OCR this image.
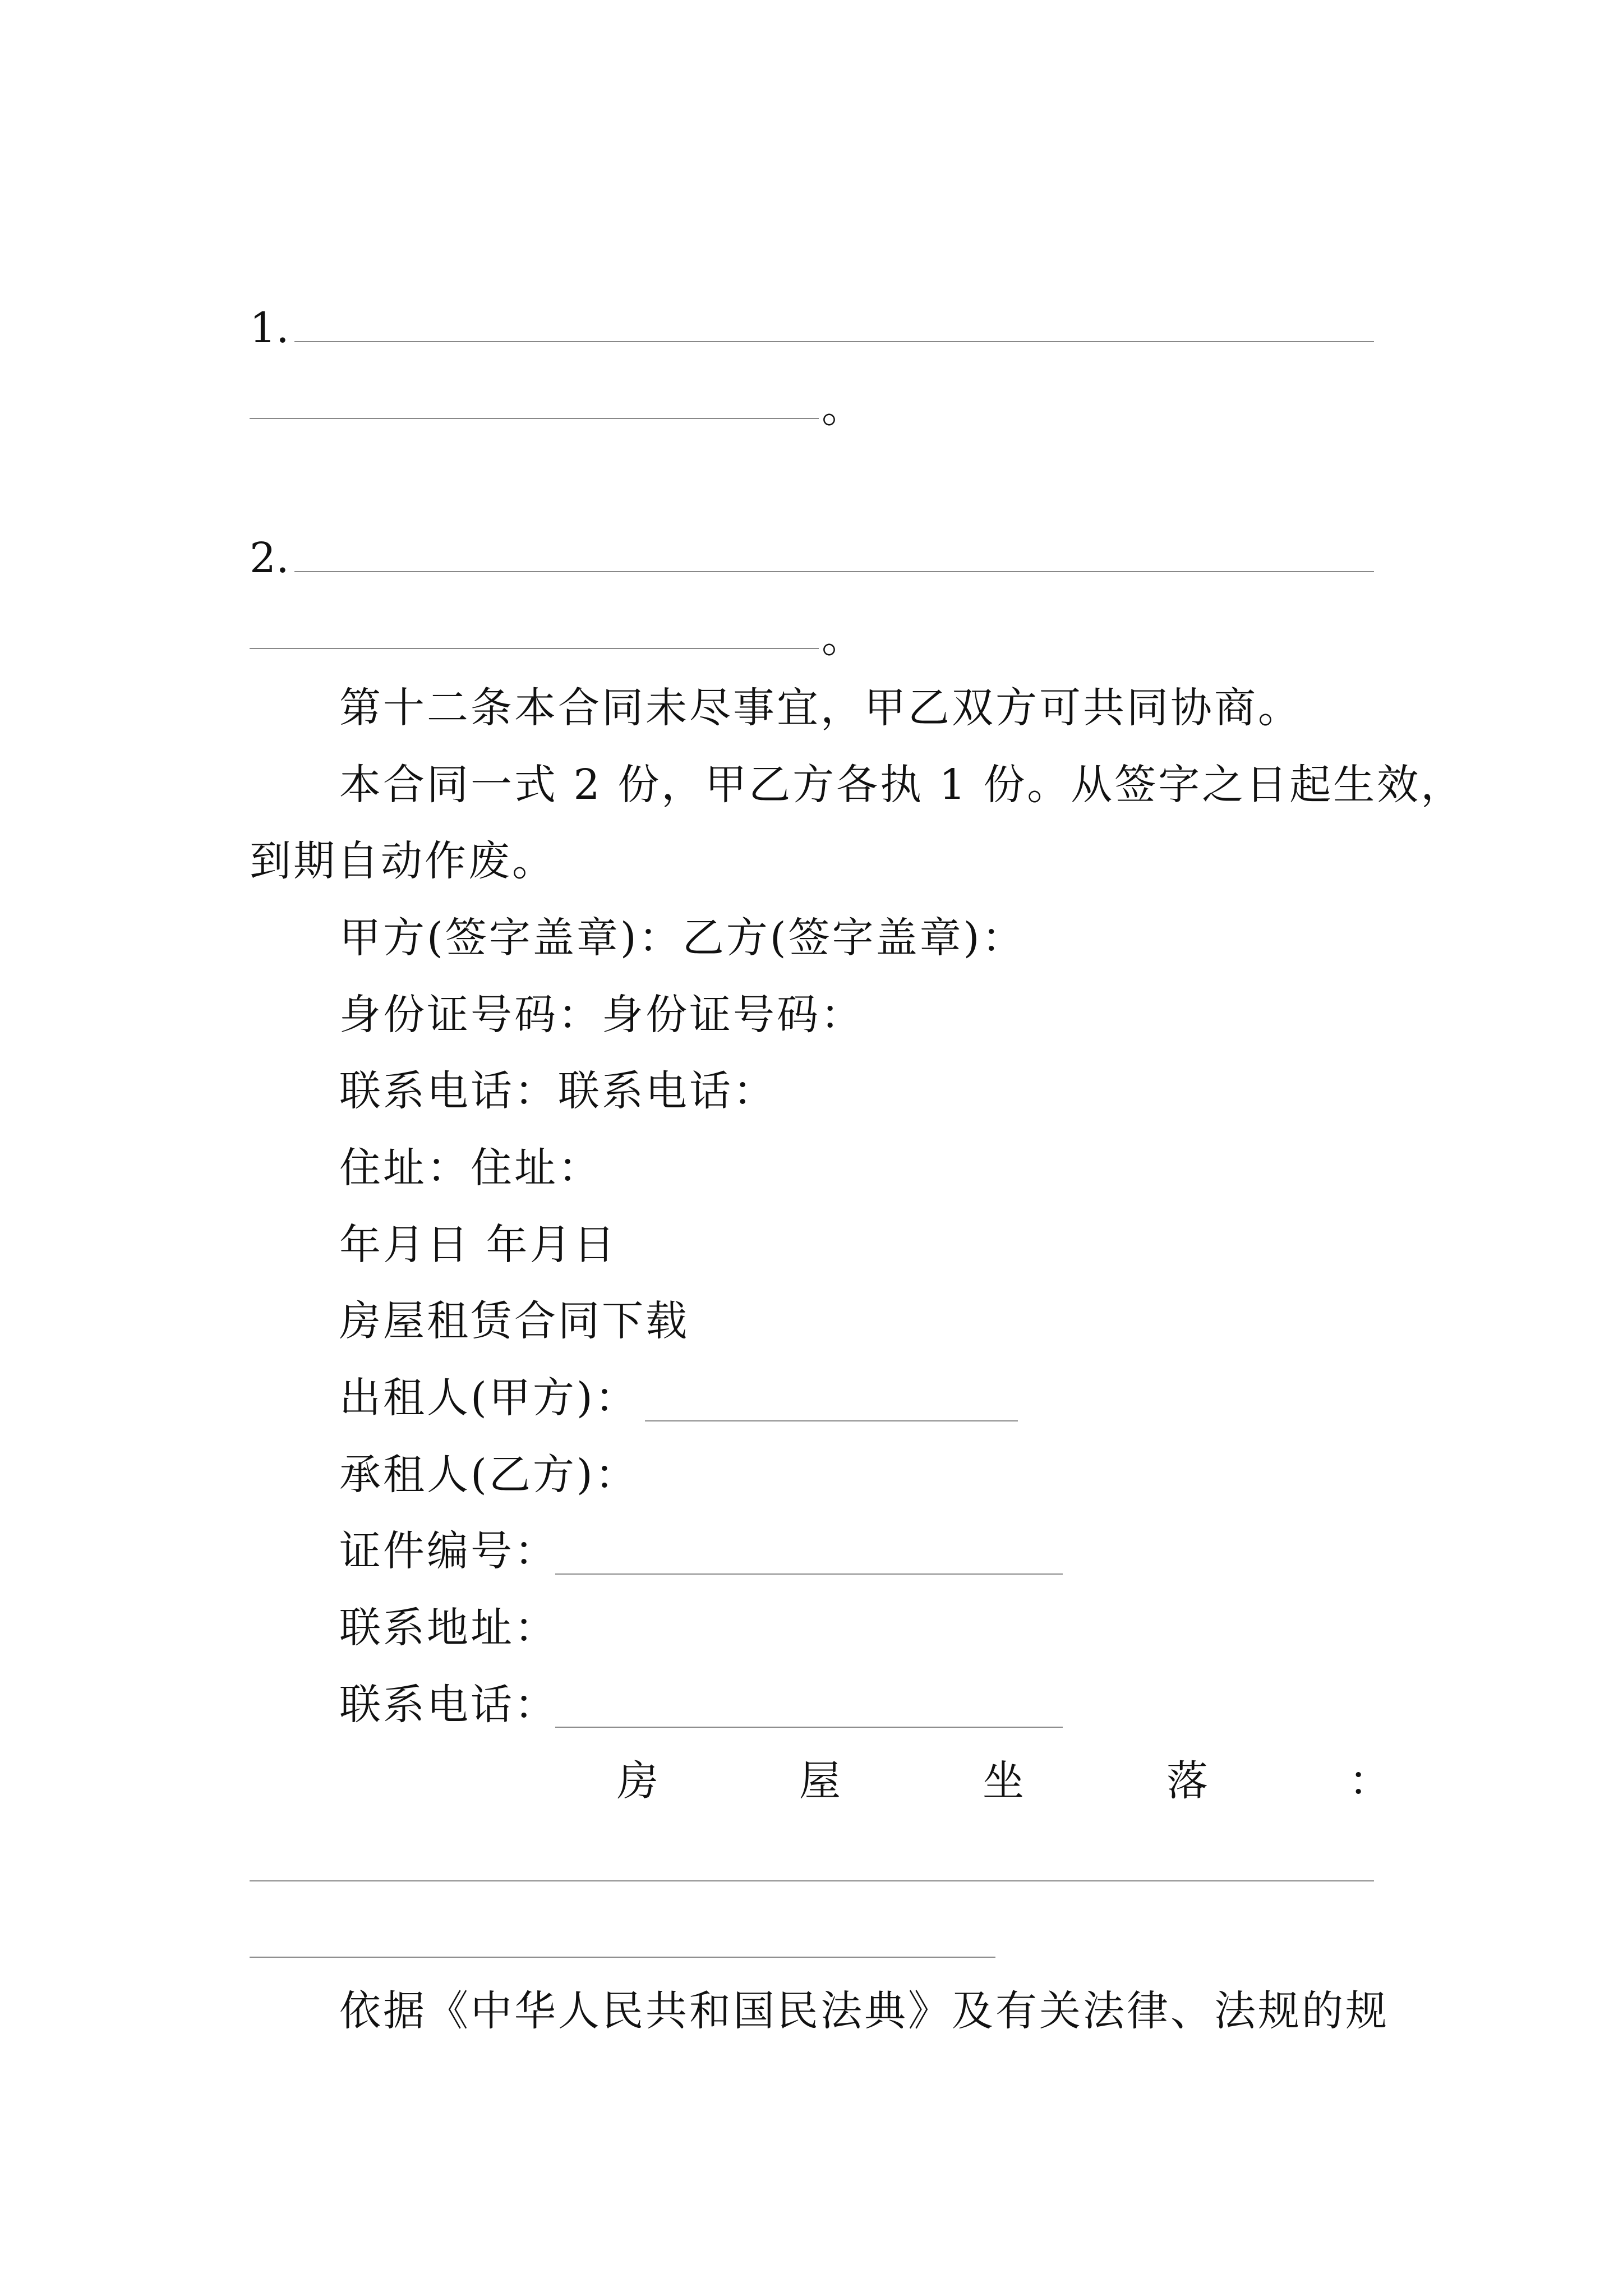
1.
。
2.
。
第十二条本合同未尽事宜，甲乙双方可共同协商。
本合同一式 2 份，甲乙方各执 1 份。从签字之日起生效，
到期自动作废。
甲方(签字盖章)：乙方(签字盖章)：
身份证号码：身份证号码：
联系电话：联系电话：
住址：住址：
年月日 年月日
房屋租赁合同下载
出租人(甲方)：
承租人(乙方)：
证件编号：
联系地址：
联系电话：
房	屋	坐	落	：
依据《中华人民共和国民法典》及有关法律、法规的规
